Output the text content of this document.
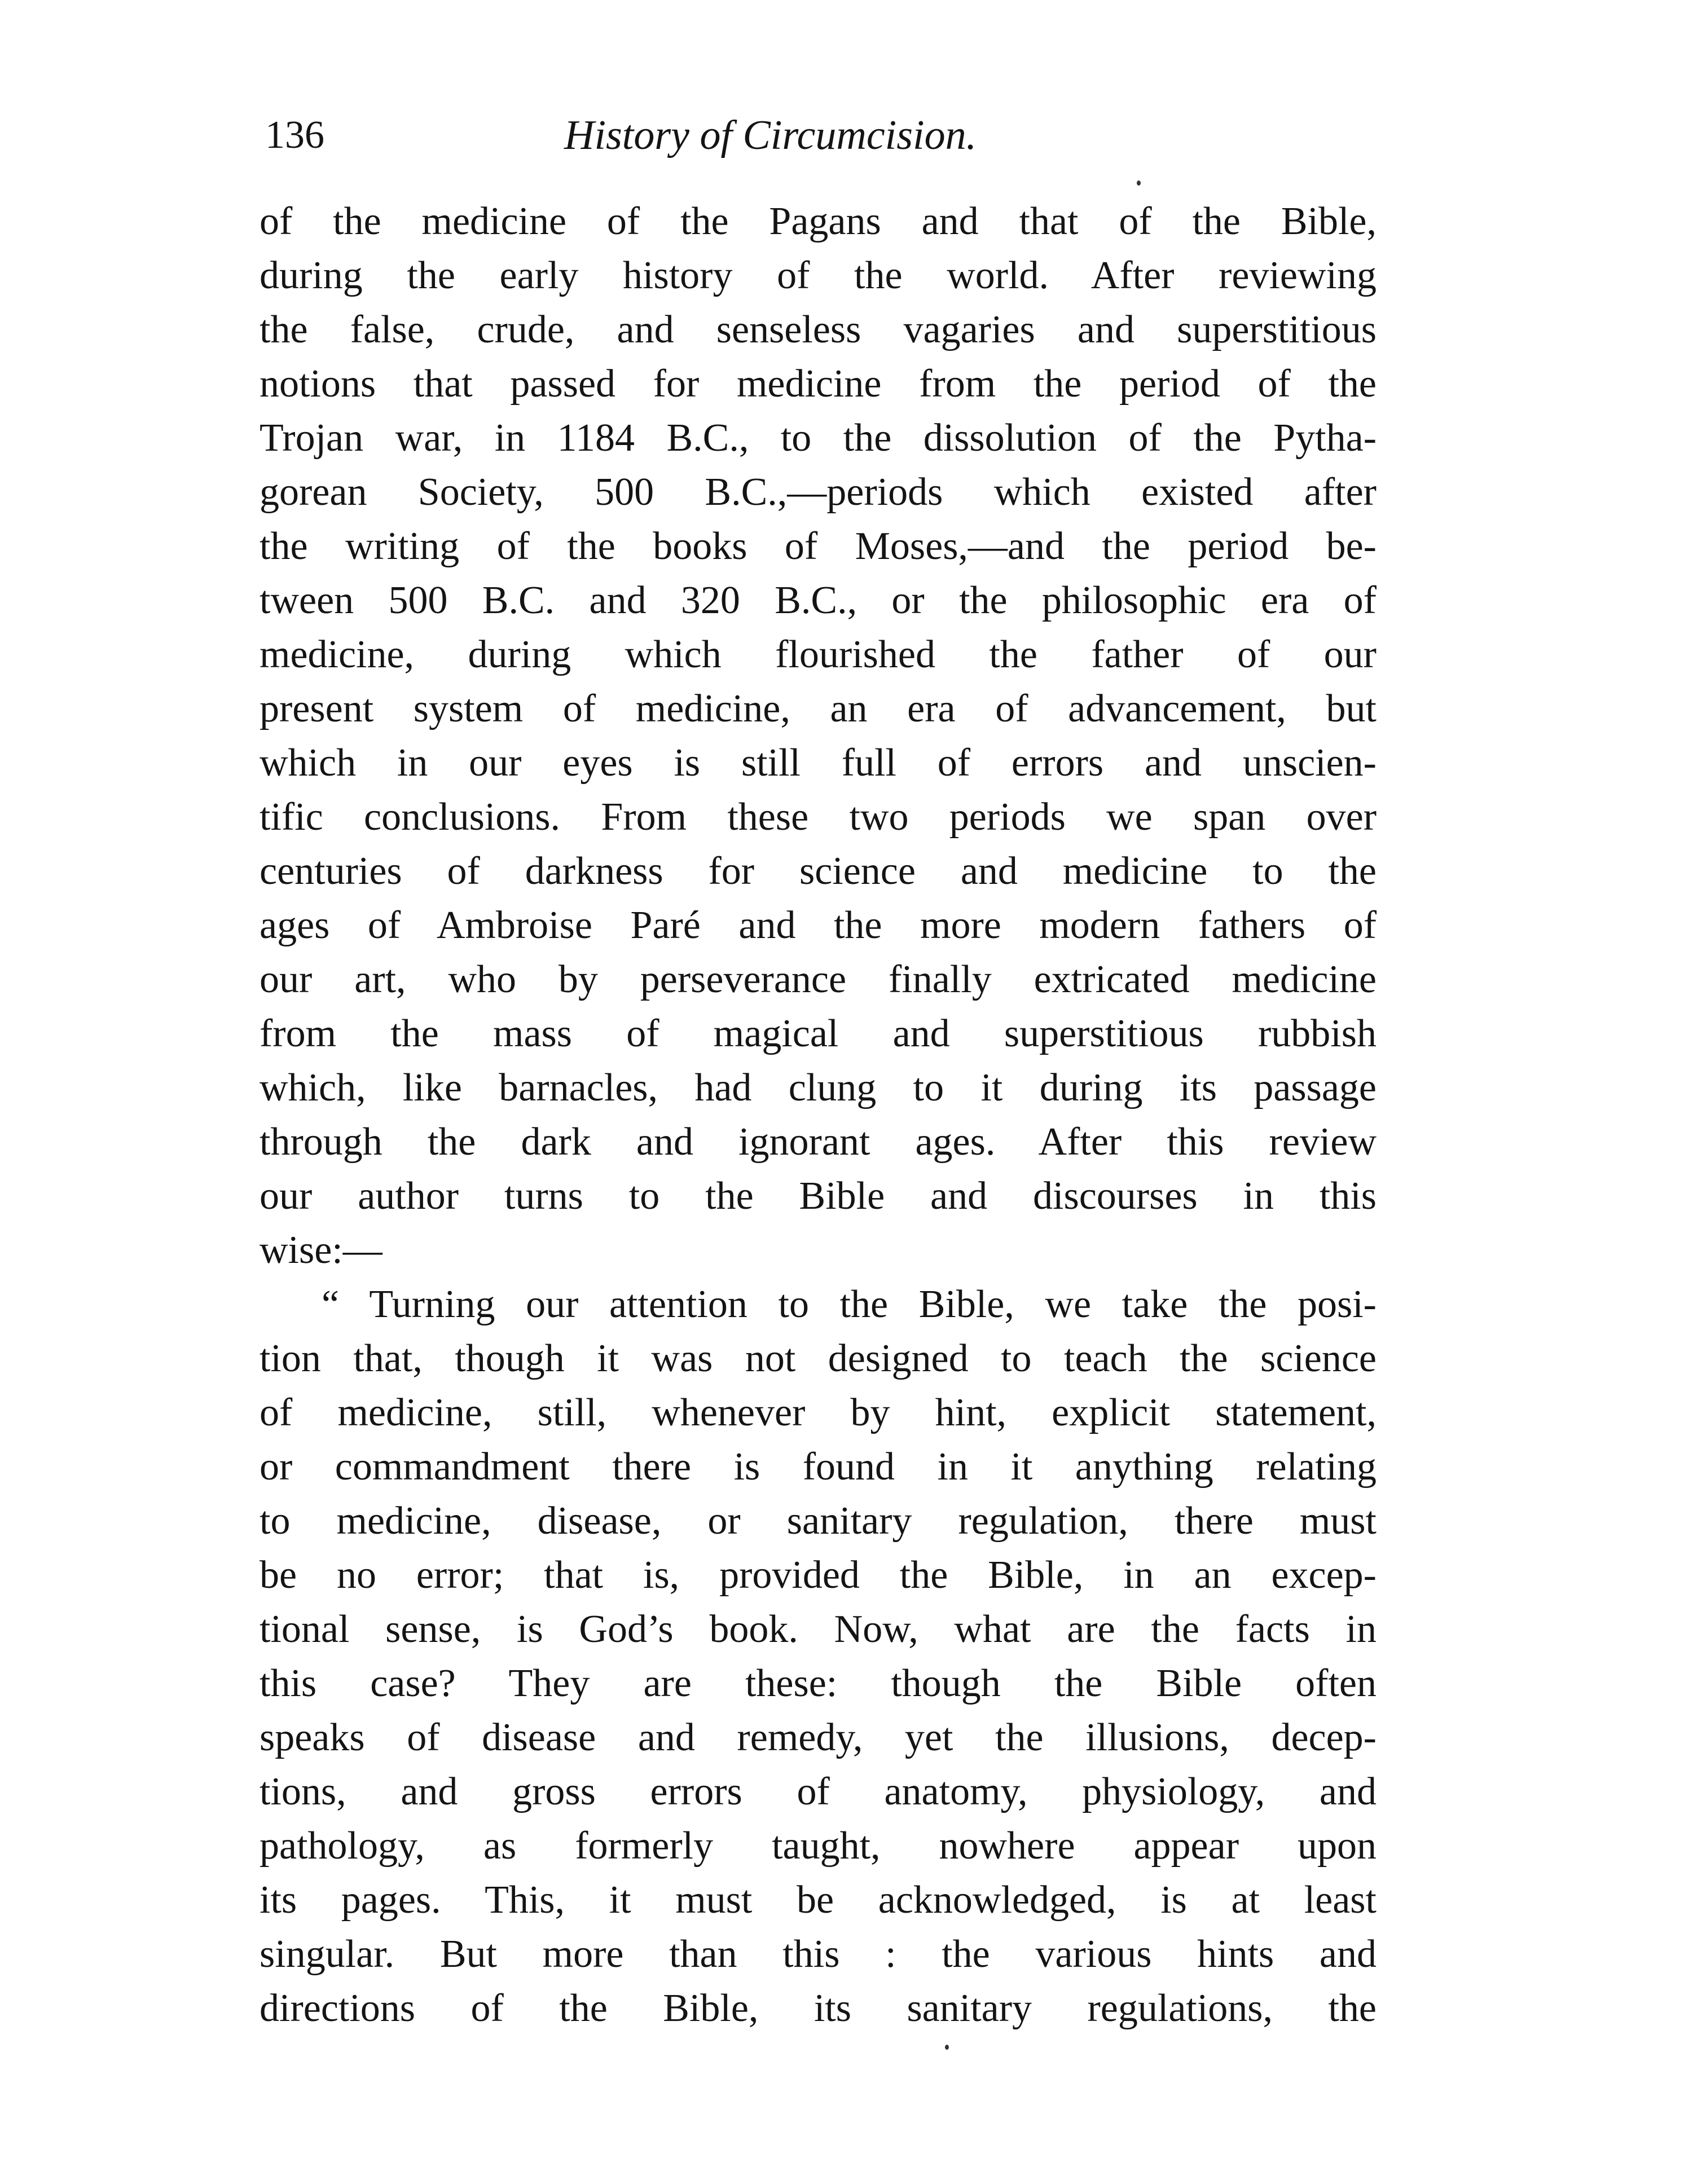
136	History of Circumcision.
of the medicine of the Pagans and that of the Bible,
during the early history of the world. After reviewing
the false, crude, and senseless vagaries and superstitious
notions that passed for medicine from the period of the
Trojan war, in 1184 B.C., to the dissolution of the Pytha-
gorean Society, 500 B.C.,—periods which existed after
the writing of the books of Moses,—and the period be-
tween 500 B.C. and 320 B.C., or the philosophic era of
medicine, during which flourished the father of our
present system of medicine, an era of advancement, but
which in our eyes is still full of errors and unscien-
tific conclusions. From these two periods we span over
centuries of darkness for science and medicine to the
ages of Ambroise Paré and the more modern fathers of
our art, who by perseverance finally extricated medicine
from the mass of magical and superstitious rubbish
which, like barnacles, had clung to it during its passage
through the dark and ignorant ages. After this review
our author turns to the Bible and discourses in this
wise:—
“ Turning our attention to the Bible, we take the posi-
tion that, though it was not designed to teach the science
of medicine, still, whenever by hint, explicit statement,
or commandment there is found in it anything relating
to medicine, disease, or sanitary regulation, there must
be no error; that is, provided the Bible, in an excep-
tional sense, is God’s book. Now, what are the facts in
this case? They are these: though the Bible often
speaks of disease and remedy, yet the illusions, decep-
tions, and gross errors of anatomy, physiology, and
pathology, as formerly taught, nowhere appear upon
its pages. This, it must be acknowledged, is at least
singular. But more than this : the various hints and
directions of the Bible, its sanitary regulations, the
